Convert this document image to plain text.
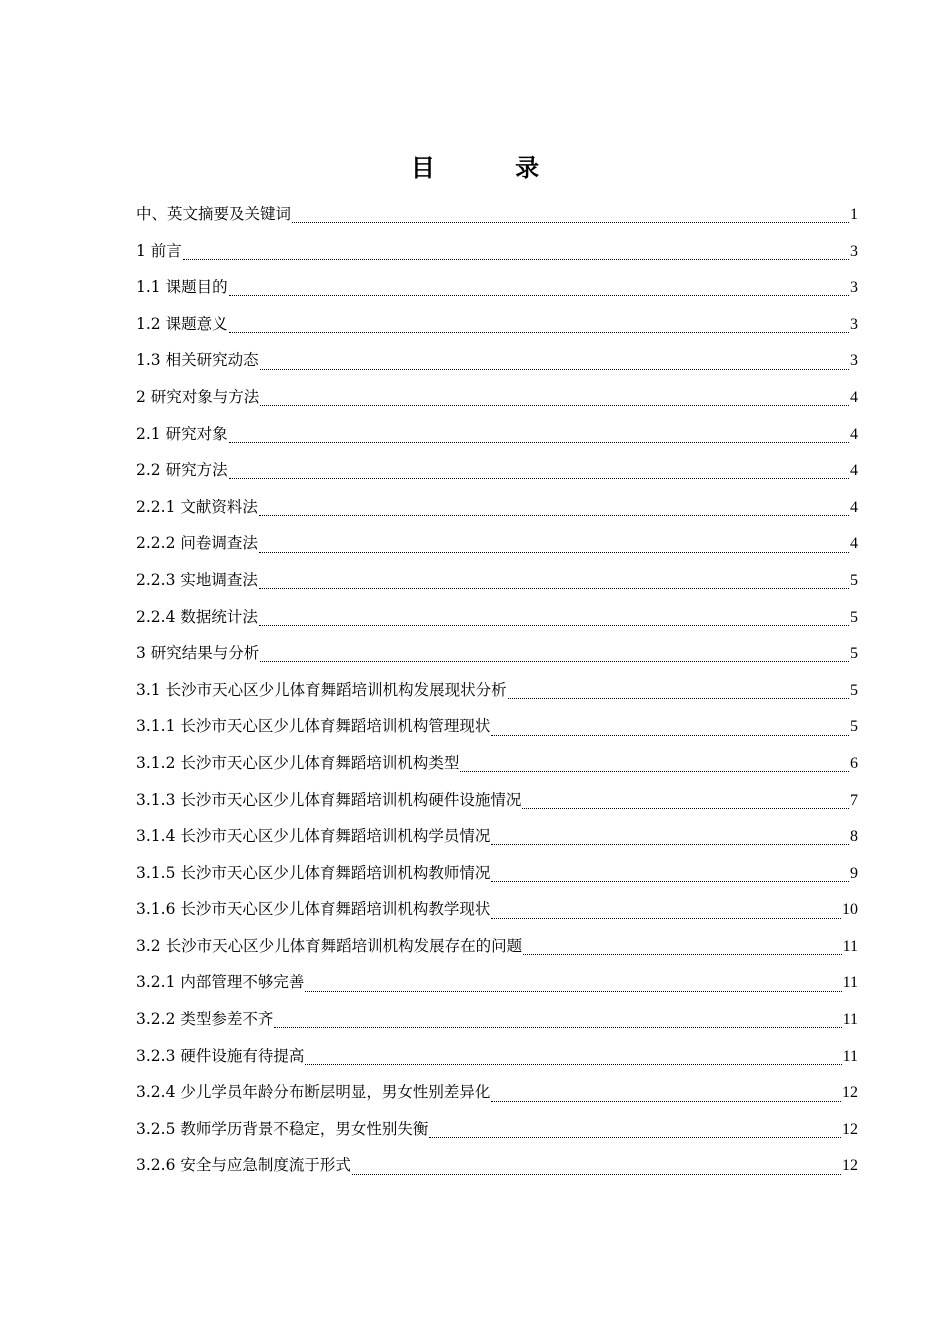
目 录
中、英文摘要及关键词	1
1 前言	3
1.1 课题目的	3
1.2 课题意义	3
1.3 相关研究动态	3
2 研究对象与方法	4
2.1 研究对象	4
2.2 研究方法	4
2.2.1 文献资料法	4
2.2.2 问卷调查法	4
2.2.3 实地调查法	5
2.2.4 数据统计法	5
3 研究结果与分析	5
3.1 长沙市天心区少儿体育舞蹈培训机构发展现状分析	5
3.1.1 长沙市天心区少儿体育舞蹈培训机构管理现状	5
3.1.2 长沙市天心区少儿体育舞蹈培训机构类型	6
3.1.3 长沙市天心区少儿体育舞蹈培训机构硬件设施情况	7
3.1.4 长沙市天心区少儿体育舞蹈培训机构学员情况	8
3.1.5 长沙市天心区少儿体育舞蹈培训机构教师情况	9
3.1.6 长沙市天心区少儿体育舞蹈培训机构教学现状	10
3.2 长沙市天心区少儿体育舞蹈培训机构发展存在的问题	11
3.2.1 内部管理不够完善	11
3.2.2 类型参差不齐	11
3.2.3 硬件设施有待提高	11
3.2.4 少儿学员年龄分布断层明显，男女性别差异化	12
3.2.5 教师学历背景不稳定，男女性别失衡	12
3.2.6 安全与应急制度流于形式	12
